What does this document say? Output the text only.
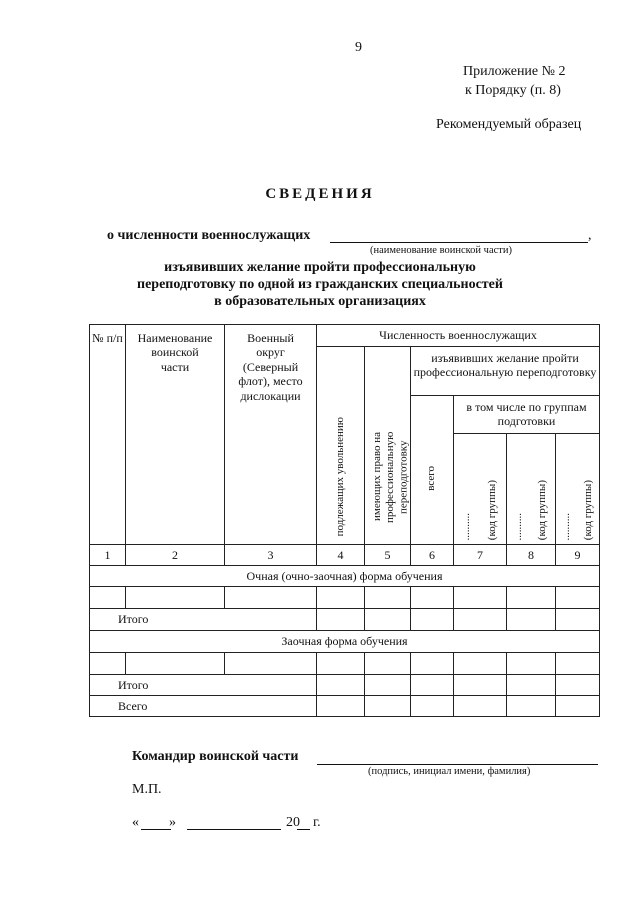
9
Приложение № 2
к Порядку (п. 8)
Рекомендуемый образец
СВЕДЕНИЯ
о численности военнослужащих	,
(наименование воинской части)
изъявивших желание пройти профессиональную
переподготовку по одной из гражданских специальностей
в образовательных организациях
№ п/п	Наименование воинской части	Военный округ (Северный флот), место дислокации	Численность военнослужащих					
			подлежащих увольнению	имеющих право на профессиональную переподготовку	изъявивших желание пройти профессиональную переподготовку			
					всего	в том числе по группам подготовки		

						.......... (код группы)	.......... (код группы)	.......... (код группы)

1	2	3	4	5	6	7	8	9
Очная (очно-заочная) форма обучения								

Итого								
Заочная форма обучения								

Итого								
Всего								
Командир воинской части
(подпись, инициал имени, фамилия)
М.П.
« »	20 г.
